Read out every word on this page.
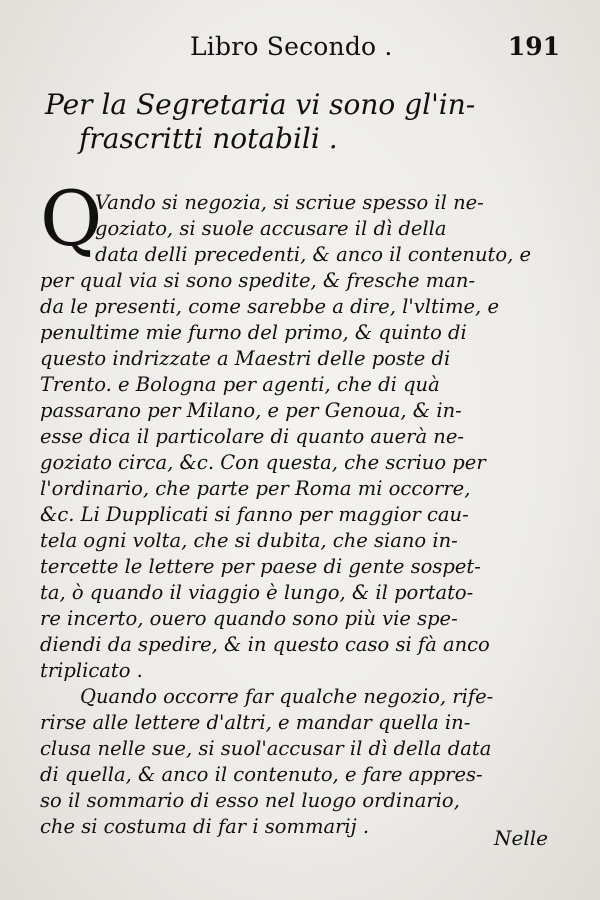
Libro Secondo .	191
Per la Segretaria vi sono gl'in-
frascritti notabili .
Q
Vando si negozia, si scriue spesso il ne-
goziato, si suole accusare il dì della
data delli precedenti, & anco il contenuto, e
per qual via si sono spedite, & fresche man-
da le presenti, come sarebbe a dire, l'vltime, e
penultime mie furno del primo, & quinto di
questo indrizzate a Maestri delle poste di
Trento. e Bologna per agenti, che di quà
passarano per Milano, e per Genoua, & in-
esse dica il particolare di quanto auerà ne-
goziato circa, &c. Con questa, che scriuo per
l'ordinario, che parte per Roma mi occorre,
&c. Li Dupplicati si fanno per maggior cau-
tela ogni volta, che si dubita, che siano in-
tercette le lettere per paese di gente sospet-
ta, ò quando il viaggio è lungo, & il portato-
re incerto, ouero quando sono più vie spe-
diendi da spedire, & in questo caso si fà anco
triplicato .
Quando occorre far qualche negozio, rife-
rirse alle lettere d'altri, e mandar quella in-
clusa nelle sue, si suol'accusar il dì della data
di quella, & anco il contenuto, e fare appres-
so il sommario di esso nel luogo ordinario,
che si costuma di far i sommarij .	Nelle
